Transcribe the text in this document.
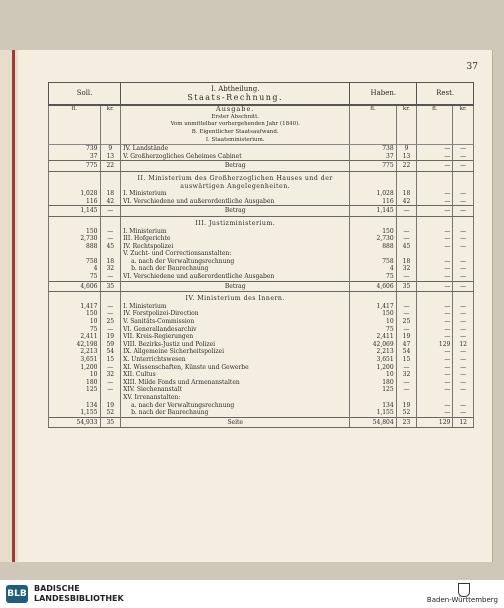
37
Soll.		I. Abtheilung.
Staats-Rechnung.	Haben.		Rest.	
fl.	kr.	Ausgabe.
Erster Abschnitt.
Vom unmittelbar vorhergehenden Jahr (1840).
B. Eigentlicher Staatsaufwand.
I. Staatsministerium.	fl.	kr.	fl.	kr.
739	9	IV. Landstände	738	9	—	—
37	13	V. Großherzogliches Geheimes Cabinet	37	13	—	—
775	22	Betrag	775	22	—	—
		II. Ministerium des Großherzoglichen Hauses und der auswärtigen Angelegenheiten.				
1,028	18	I. Ministerium	1,028	18	—	—
116	42	VI. Verschiedene und außerordentliche Ausgaben	116	42	—	—
1,145	—	Betrag	1,145	—	—	—
		III. Justizministerium.				
150	—	I. Ministerium	150	—	—	—
2,730	—	III. Hofgerichte	2,730	—	—	—
888	45	IV. Rechtspolizei	888	45	—	—
		V. Zucht- und Correctionsanstalten:				
758	18	a. nach der Verwaltungsrechnung	758	18	—	—
4	32	b. nach der Baurechnung	4	32	—	—
75	—	VI. Verschiedene und außerordentliche Ausgaben	75	—	—	—
4,606	35	Betrag	4,606	35	—	—
		IV. Ministerium des Innern.				
1,417	—	I. Ministerium	1,417	—	—	—
150	—	IV. Forstpolizei-Direction	150	—	—	—
10	25	V. Sanitäts-Commission	10	25	—	—
75	—	VI. Generallandesarchiv	75	—	—	—
2,411	19	VII. Kreis-Regierungen	2,411	19	—	—
42,198	59	VIII. Bezirks-Justiz und Polizei	42,069	47	129	12
2,213	54	IX. Allgemeine Sicherheitspolizei	2,213	54	—	—
3,651	15	X. Unterrichtswesen	3,651	15	—	—
1,200	—	XI. Wissenschaften, Künste und Gewerbe	1,200	—	—	—
10	32	XII. Cultus	10	32	—	—
180	—	XIII. Milde Fonds und Armenanstalten	180	—	—	—
125	—	XIV. Siechenanstalt	125	—	—	—
		XV. Irrenanstalten:				
134	19	a. nach der Verwaltungsrechnung	134	19	—	—
1,155	52	b. nach der Baurechnung	1,155	52	—	—
54,933	35	Seite	54,804	23	129	12
BLB
BADISCHE
LANDESBIBLIOTHEK	Baden-Württemberg
